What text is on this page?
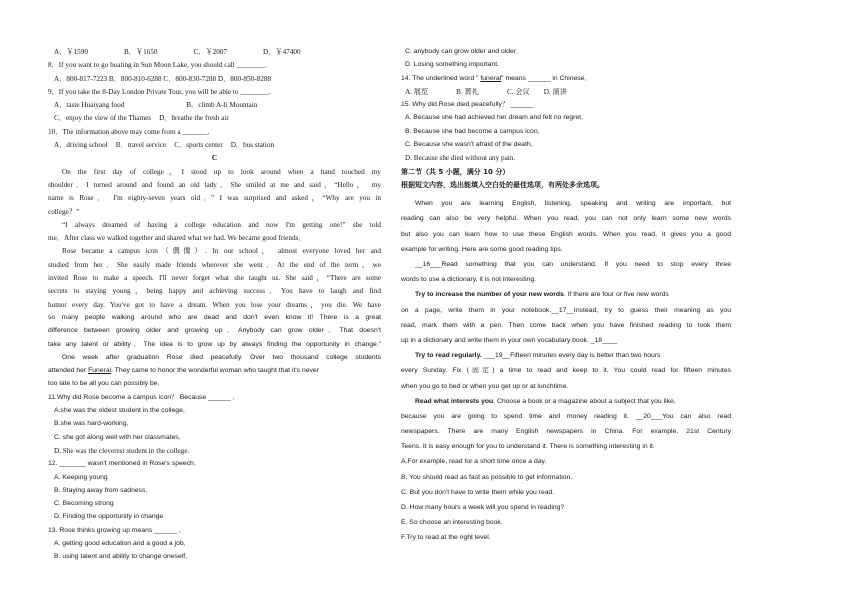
A．￥1590	B．￥1650	C．￥2007	D．￥47400
8．If you want to go boating in Sun Moon Lake, you should call ________.
A．800-817-7223 B．800-810-6288 C．800-830-7288 D．800-850-8288
9．If you take the 8-Day London Private Tour, you will be able to ________.
A．taste Huaiyang food	B．climb A-li Mountain
C．enjoy the view of the Thames D．breathe the fresh air
10．The information above may come from a _______.
A．driving school B．travel service C．sports center D．bus station
C
On the first day of college，I stood up to look around when a hand touched my
shoulder．I turned around and found an old lady．She smiled at me and said，“Hello， my
name is Rose． I'm eighty-seven years old．” I was surprised and asked，“Why are you in
college？”
“I always dreamed of having a college education and now I'm getting one!” she told
me．After class we walked together and shared what we had. We became good friends．
Rose became a campus icon（偶像）. In our school， almost everyone loved her and
studied from her．She easily made friends wherever she went．At the end of the term，we
invited Rose to make a speech. I'll never forget what she taught us. She said，“There are some
secrets to staying young，being happy and achieving success．You have to laugh and find
humor every day. You've got to have a dream. When you lose your dreams，you die. We have
so many people walking around who are dead and don't even know it! There is a great
difference between growing older and growing up．Anybody can grow older．That doesn't
take any talent or ability．The idea is to grow up by always finding the opportunity in change.”
One week after graduation Rose died peacefully. Over two thousand college students
attended her Funeral. They came to honor the wonderful woman who taught that it's never
too late to be all you can possibly be．
11.Why did Rose become a campus icon？ Because ______ ．
A.she was the oldest student in the college．
B.she was hard-working．
C. she got along well with her classmates．
D. She was the cleverest student in the college.
12. _______ wasn't mentioned in Rose's speech．
A. Keeping young
B. Staying away from sadness．
C. Becoming strong
D. Finding the opportunity in change
13. Rose thinks growing up means ______ ．
A. getting good education and a good a job．
B. using talent and ability to change oneself．
C. anybody can grow older and older．
D. Losing something important.
14. The underlined word " funeral" means ______ in Chinese．
A. 展览	B. 葬礼	C. 会议 D. 演讲
15. Why did Rose died peacefully？ ______
A. Because she had achieved her dream and felt no regret．
B. Because she had become a campus icon．
C. Because she wasn't afraid of the death．
D. Because she died without any pain.
第二节（共 5 小题，满分 10 分）
根据短文内容，选出能填入空白处的最佳选项，有两处多余选项。
When you are learning English, listening, speaking and writing are important, but
reading can also be very helpful. When you read, you can not only learn some new words
but also you can learn how to use these English words. When you read, it gives you a good
example for writing. Here are some good reading tips.
__16___Read something that you can understand. If you need to stop every three
words to use a dictionary, it is not interesting.
Try to increase the number of your new words. If there are four or five new words
on a page, write them in your notebook.__17__Instead, try to guess their meaning as you
read, mark them with a pen. Then come back when you have finished reading to look them
up in a dictionary and write them in your own vocabulary book. _18____
Try to read regularly. ___19__Fifteen minutes every day is better than two hours
every Sunday. Fix (固定) a time to read and keep to it. You could read for fifteen minutes
when you go to bed or when you get up or at lunchtime.
Read what interests you. Choose a book or a magazine about a subject that you like,
because you are going to spend time and money reading it. __20___You can also read
newspapers. There are many English newspapers in China. For example, 21st Century
Teens. It is easy enough for you to understand it. There is something interesting in it.
A.For example, read for a short time once a day.
B. You should read as fast as possible to get information.
C. But you don't have to write them while you read.
D. How many hours a week will you spend in reading?
E. So choose an interesting book.
F.Try to read at the right level.
